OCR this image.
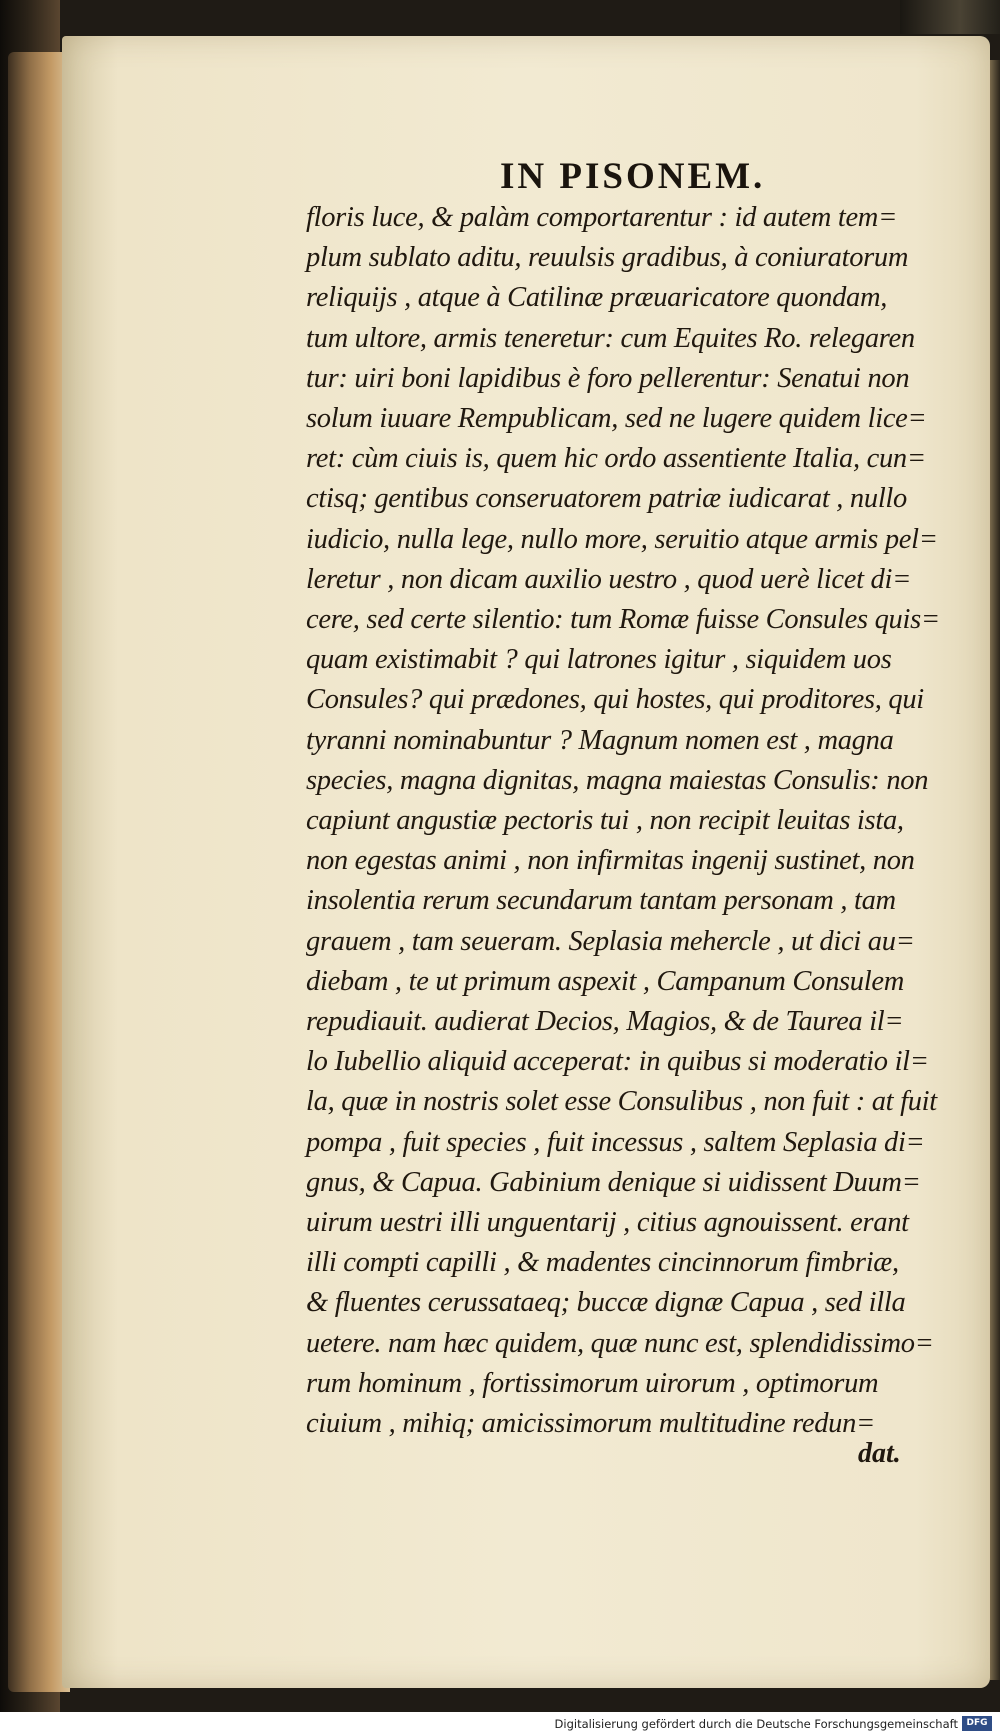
IN PISONEM.
floris luce, & palàm comportarentur : id autem tem=
plum sublato aditu, reuulsis gradibus, à coniuratorum
reliquijs , atque à Catilinæ præuaricatore quondam,
tum ultore, armis teneretur: cum Equites Ro. relegaren
tur: uiri boni lapidibus è foro pellerentur: Senatui non
solum iuuare Rempublicam, sed ne lugere quidem lice=
ret: cùm ciuis is, quem hic ordo assentiente Italia, cun=
ctisq; gentibus conseruatorem patriæ iudicarat , nullo
iudicio, nulla lege, nullo more, seruitio atque armis pel=
leretur , non dicam auxilio uestro , quod uerè licet di=
cere, sed certe silentio: tum Romæ fuisse Consules quis=
quam existimabit ? qui latrones igitur , siquidem uos
Consules? qui prædones, qui hostes, qui proditores, qui
tyranni nominabuntur ? Magnum nomen est , magna
species, magna dignitas, magna maiestas Consulis: non
capiunt angustiæ pectoris tui , non recipit leuitas ista,
non egestas animi , non infirmitas ingenij sustinet, non
insolentia rerum secundarum tantam personam , tam
grauem , tam seueram. Seplasia mehercle , ut dici au=
diebam , te ut primum aspexit , Campanum Consulem
repudiauit. audierat Decios, Magios, & de Taurea il=
lo Iubellio aliquid acceperat: in quibus si moderatio il=
la, quæ in nostris solet esse Consulibus , non fuit : at fuit
pompa , fuit species , fuit incessus , saltem Seplasia di=
gnus, & Capua. Gabinium denique si uidissent Duum=
uirum uestri illi unguentarij , citius agnouissent. erant
illi compti capilli , & madentes cincinnorum fimbriæ,
& fluentes cerussataeq; buccæ dignæ Capua , sed illa
uetere. nam hæc quidem, quæ nunc est, splendidissimo=
rum hominum , fortissimorum uirorum , optimorum
ciuium , mihiq; amicissimorum multitudine redun=
dat.
Digitalisierung gefördert durch die Deutsche Forschungsgemeinschaft DFG
